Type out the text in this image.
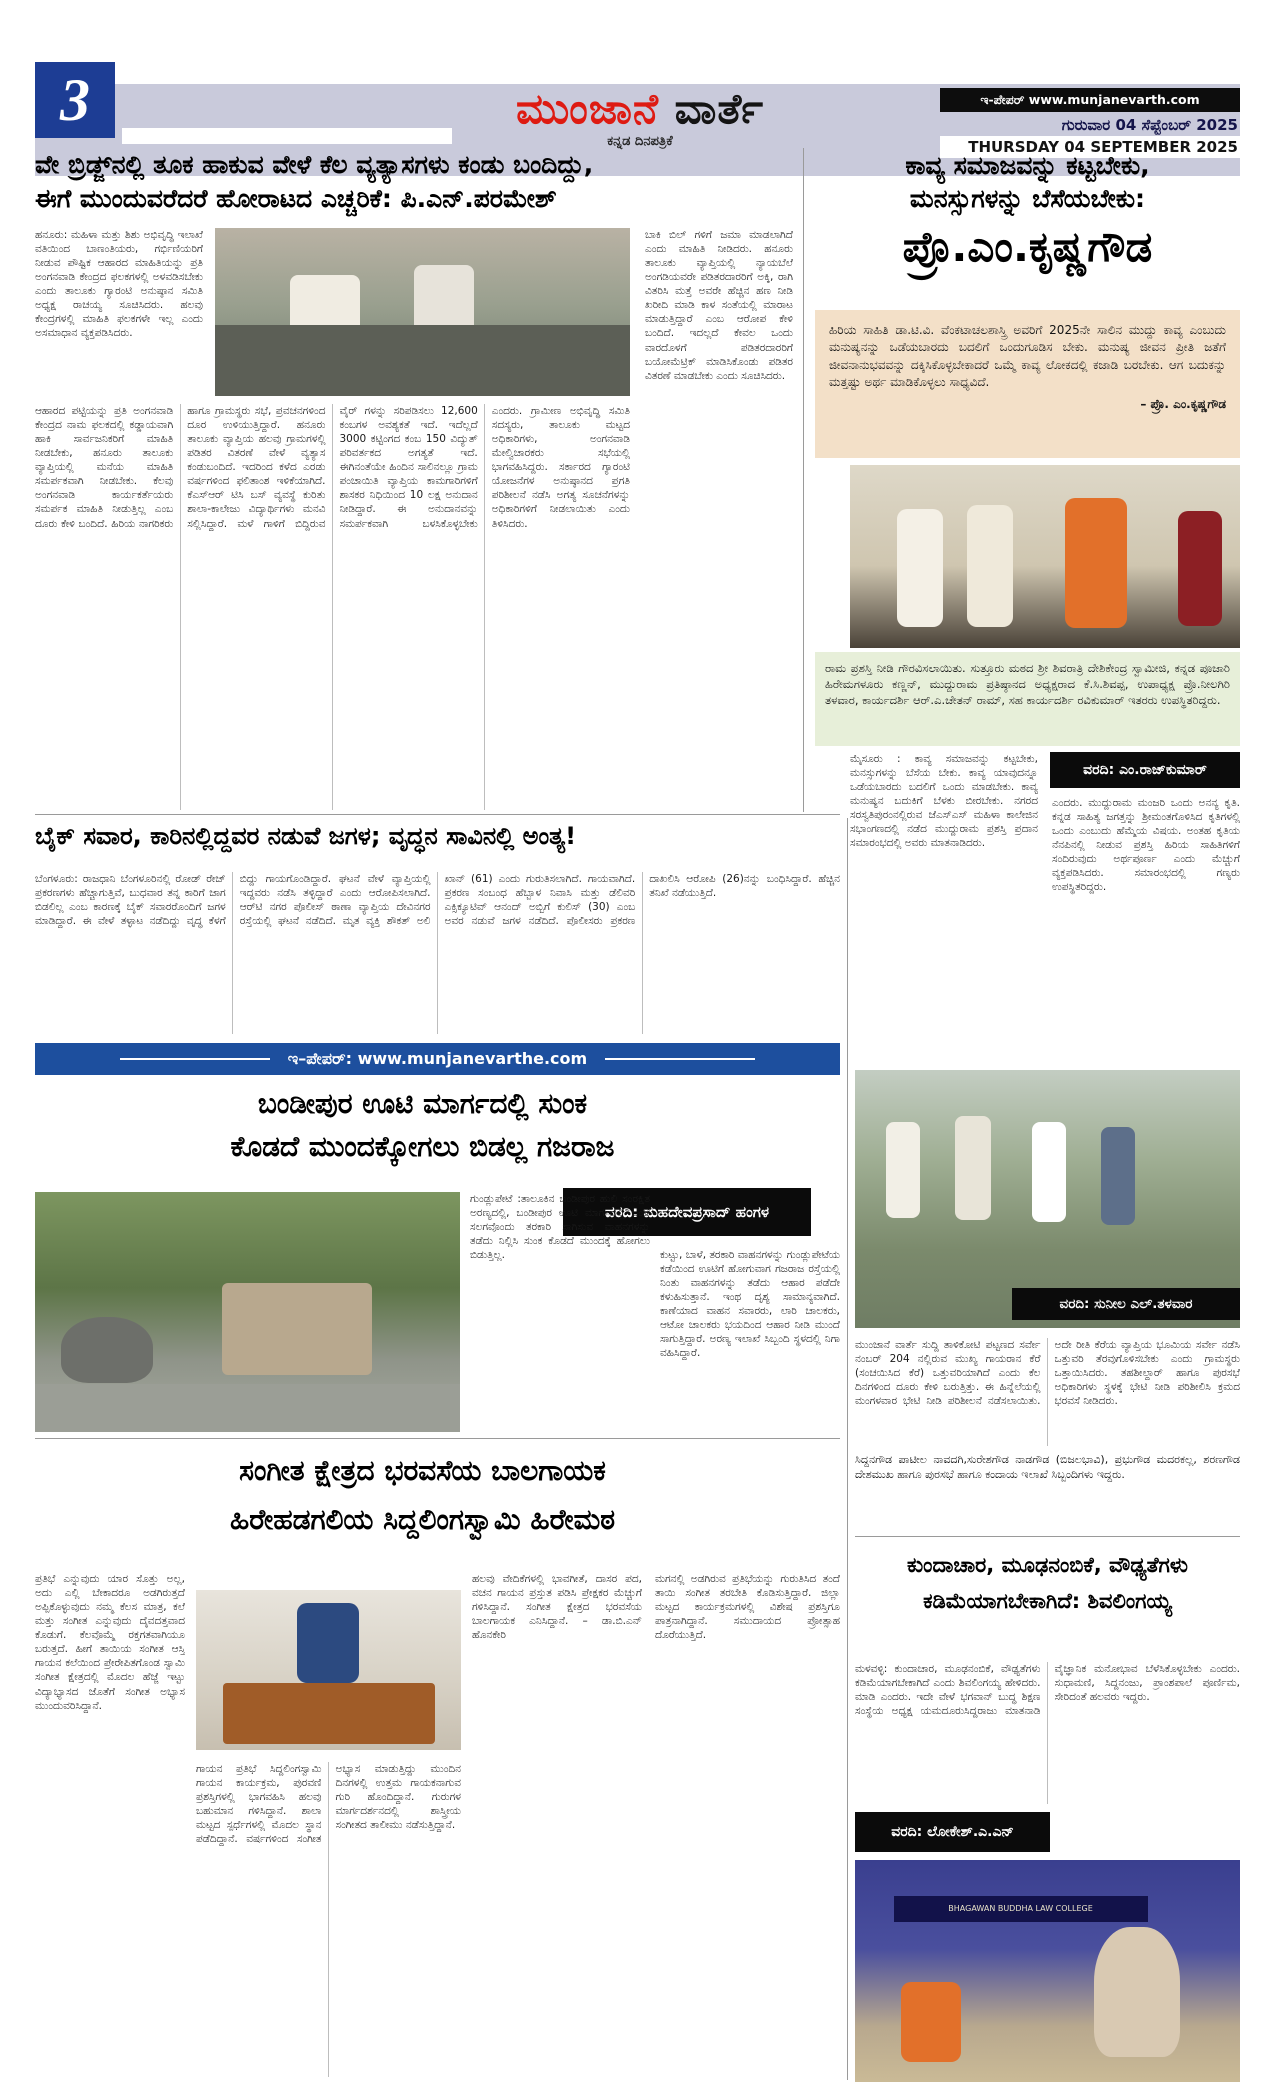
3	ಮುಂಜಾನೆ ವಾರ್ತೆ
ಕನ್ನಡ ದಿನಪತ್ರಿಕೆ
ಇ-ಪೇಪರ್ www.munjanevarth.com
ಗುರುವಾರ 04 ಸೆಪ್ಟೆಂಬರ್ 2025
THURSDAY 04 SEPTEMBER 2025
ವೇ ಬ್ರಿಡ್ಜ್‌ನಲ್ಲಿ ತೂಕ ಹಾಕುವ ವೇಳೆ ಕೆಲ ವ್ಯತ್ಯಾಸಗಳು ಕಂಡು ಬಂದಿದ್ದು,
ಈಗೆ ಮುಂದುವರೆದರೆ ಹೋರಾಟದ ಎಚ್ಚರಿಕೆ: ಪಿ.ಎನ್.ಪರಮೇಶ್
ಹನೂರು: ಮಹಿಳಾ ಮತ್ತು ಶಿಶು ಅಭಿವೃದ್ಧಿ ಇಲಾಖೆ ವತಿಯಿಂದ ಬಾಣಂತಿಯರು, ಗರ್ಭಿಣಿಯರಿಗೆ ನೀಡುವ ಪೌಷ್ಟಿಕ ಆಹಾರದ ಮಾಹಿತಿಯನ್ನು ಪ್ರತಿ ಅಂಗನವಾಡಿ ಕೇಂದ್ರದ ಫಲಕಗಳಲ್ಲಿ ಅಳವಡಿಸಬೇಕು ಎಂದು ತಾಲೂಕು ಗ್ಯಾರಂಟಿ ಅನುಷ್ಠಾನ ಸಮಿತಿ ಅಧ್ಯಕ್ಷ ರಾಚಯ್ಯ ಸೂಚಿಸಿದರು. ಹಲವು ಕೇಂದ್ರಗಳಲ್ಲಿ ಮಾಹಿತಿ ಫಲಕಗಳೇ ಇಲ್ಲ ಎಂದು ಅಸಮಾಧಾನ ವ್ಯಕ್ತಪಡಿಸಿದರು.
ಆಹಾರದ ಪಟ್ಟಿಯನ್ನು ಪ್ರತಿ ಅಂಗನವಾಡಿ ಕೇಂದ್ರದ ನಾಮ ಫಲಕದಲ್ಲಿ ಕಡ್ಡಾಯವಾಗಿ ಹಾಕಿ ಸಾರ್ವಜನಿಕರಿಗೆ ಮಾಹಿತಿ ನೀಡಬೇಕು, ಹನೂರು ತಾಲೂಕು ವ್ಯಾಪ್ತಿಯಲ್ಲಿ ಮನೆಯ ಮಾಹಿತಿ ಸಮರ್ಪಕವಾಗಿ ನೀಡಬೇಕು. ಕೆಲವು ಅಂಗನವಾಡಿ ಕಾರ್ಯಕರ್ತೆಯರು ಸಮರ್ಪಕ ಮಾಹಿತಿ ನೀಡುತ್ತಿಲ್ಲ ಎಂಬ ದೂರು ಕೇಳಿ ಬಂದಿದೆ. ಹಿರಿಯ ನಾಗರಿಕರು ಹಾಗೂ ಗ್ರಾಮಸ್ಥರು ಸಭೆ, ಪ್ರವಚನಗಳಿಂದ ದೂರ ಉಳಿಯುತ್ತಿದ್ದಾರೆ. ಹನೂರು ತಾಲೂಕು ವ್ಯಾಪ್ತಿಯ ಹಲವು ಗ್ರಾಮಗಳಲ್ಲಿ ಪಡಿತರ ವಿತರಣೆ ವೇಳೆ ವ್ಯತ್ಯಾಸ ಕಂಡುಬಂದಿದೆ. ಇದರಿಂದ ಕಳೆದ ಎರಡು ವರ್ಷಗಳಿಂದ ಫಲಿತಾಂಶ ಇಳಿಕೆಯಾಗಿದೆ. ಕೆಎಸ್‌ಆರ್ ಟಿಸಿ ಬಸ್ ವ್ಯವಸ್ಥೆ ಕುರಿತು ಶಾಲಾ-ಕಾಲೇಜು ವಿದ್ಯಾರ್ಥಿಗಳು ಮನವಿ ಸಲ್ಲಿಸಿದ್ದಾರೆ. ಮಳೆ ಗಾಳಿಗೆ ಬಿದ್ದಿರುವ ವೈರ್ ಗಳನ್ನು ಸರಿಪಡಿಸಲು 12,600 ಕಂಬಗಳ ಅವಶ್ಯಕತೆ ಇದೆ. ಇದೆಲ್ಲದೆ 3000 ಕಟ್ಟಿಂಗದ ಕಂಬ 150 ವಿದ್ಯುತ್ ಪರಿವರ್ತಕದ ಅಗತ್ಯತೆ ಇದೆ. ಈಗಿನಂತೆಯೇ ಹಿಂದಿನ ಸಾಲಿನಲ್ಲೂ ಗ್ರಾಮ ಪಂಚಾಯಿತಿ ವ್ಯಾಪ್ತಿಯ ಕಾಮಗಾರಿಗಳಿಗೆ ಶಾಸಕರ ನಿಧಿಯಿಂದ 10 ಲಕ್ಷ ಅನುದಾನ ನೀಡಿದ್ದಾರೆ. ಈ ಅನುದಾನವನ್ನು ಸಮರ್ಪಕವಾಗಿ ಬಳಸಿಕೊಳ್ಳಬೇಕು ಎಂದರು. ಗ್ರಾಮೀಣ ಅಭಿವೃದ್ಧಿ ಸಮಿತಿ ಸದಸ್ಯರು, ತಾಲೂಕು ಮಟ್ಟದ ಅಧಿಕಾರಿಗಳು, ಅಂಗನವಾಡಿ ಮೇಲ್ವಿಚಾರಕರು ಸಭೆಯಲ್ಲಿ ಭಾಗವಹಿಸಿದ್ದರು. ಸರ್ಕಾರದ ಗ್ಯಾರಂಟಿ ಯೋಜನೆಗಳ ಅನುಷ್ಠಾನದ ಪ್ರಗತಿ ಪರಿಶೀಲನೆ ನಡೆಸಿ ಅಗತ್ಯ ಸೂಚನೆಗಳನ್ನು ಅಧಿಕಾರಿಗಳಿಗೆ ನೀಡಲಾಯಿತು ಎಂದು ತಿಳಿಸಿದರು.
ಬಾಕಿ ಬಿಲ್ ಗಳಿಗೆ ಜಮಾ ಮಾಡಲಾಗಿದೆ ಎಂದು ಮಾಹಿತಿ ನೀಡಿದರು. ಹನೂರು ತಾಲೂಕು ವ್ಯಾಪ್ತಿಯಲ್ಲಿ ನ್ಯಾಯಬೆಲೆ ಅಂಗಡಿಯವರೇ ಪಡಿತರದಾರರಿಗೆ ಅಕ್ಕಿ, ರಾಗಿ ವಿತರಿಸಿ ಮತ್ತೆ ಅವರೇ ಹೆಚ್ಚಿನ ಹಣ ನೀಡಿ ಖರೀದಿ ಮಾಡಿ ಕಾಳ ಸಂತೆಯಲ್ಲಿ ಮಾರಾಟ ಮಾಡುತ್ತಿದ್ದಾರೆ ಎಂಬ ಆರೋಪ ಕೇಳಿ ಬಂದಿದೆ. ಇದಲ್ಲದೆ ಕೇವಲ ಒಂದು ವಾರದೊಳಗೆ ಪಡಿತರದಾರರಿಗೆ ಬಯೋಮೆಟ್ರಿಕ್ ಮಾಡಿಸಿಕೊಂಡು ಪಡಿತರ ವಿತರಣೆ ಮಾಡಬೇಕು ಎಂದು ಸೂಚಿಸಿದರು.
ಕಾವ್ಯ ಸಮಾಜವನ್ನು ಕಟ್ಟಬೇಕು,
ಮನಸ್ಸುಗಳನ್ನು ಬೆಸೆಯಬೇಕು:
ಪ್ರೊ.ಎಂ.ಕೃಷ್ಣಗೌಡ
ಹಿರಿಯ ಸಾಹಿತಿ ಡಾ.ಟಿ.ವಿ. ವೆಂಕಟಾಚಲಶಾಸ್ತ್ರಿ ಅವರಿಗೆ 2025ನೇ ಸಾಲಿನ ಮುದ್ದು ಕಾವ್ಯ ಎಂಬುದು ಮನುಷ್ಯನನ್ನು ಒಡೆಯಬಾರದು ಬದಲಿಗೆ ಒಂದುಗೂಡಿಸ ಬೇಕು. ಮನುಷ್ಯ ಜೀವನ ಪ್ರೀತಿ ಜತೆಗೆ ಜೀವನಾನುಭವವನ್ನು ದಕ್ಕಿಸಿಕೊಳ್ಳಬೇಕಾದರೆ ಒಮ್ಮೆ ಕಾವ್ಯ ಲೋಕದಲ್ಲಿ ಕಜಾಡಿ ಬರಬೇಕು. ಆಗ ಬದುಕನ್ನು ಮತ್ತಷ್ಟು ಅರ್ಥ ಮಾಡಿಕೊಳ್ಳಲು ಸಾಧ್ಯವಿದೆ.
– ಪ್ರೊ. ಎಂ.ಕೃಷ್ಣಗೌಡ
ರಾಮ ಪ್ರಶಸ್ತಿ ನೀಡಿ ಗೌರವಿಸಲಾಯಿತು. ಸುತ್ತೂರು ಮಠದ ಶ್ರೀ ಶಿವರಾತ್ರಿ ದೇಶಿಕೇಂದ್ರ ಸ್ವಾಮೀಜಿ, ಕನ್ನಡ ಪೂಜಾರಿ ಹಿರೇಮಗಳೂರು ಕಣ್ಣನ್, ಮುದ್ದುರಾಮ ಪ್ರತಿಷ್ಠಾನದ ಅಧ್ಯಕ್ಷರಾದ ಕೆ.ಸಿ.ಶಿವಪ್ಪ, ಉಪಾಧ್ಯಕ್ಷ ಪ್ರೊ.ನೀಲಗಿರಿ ತಳವಾರ, ಕಾರ್ಯದರ್ಶಿ ಆರ್.ಎ.ಚೇತನ್ ರಾಮ್, ಸಹ ಕಾರ್ಯದರ್ಶಿ ರವಿಕುಮಾರ್ ಇತರರು ಉಪಸ್ಥಿತರಿದ್ದರು.
ವರದಿ: ಎಂ.ರಾಜ್‌ಕುಮಾರ್
ಮೈಸೂರು : ಕಾವ್ಯ ಸಮಾಜವನ್ನು ಕಟ್ಟಬೇಕು, ಮನಸ್ಸುಗಳನ್ನು ಬೆಸೆಯ ಬೇಕು. ಕಾವ್ಯ ಯಾವುದನ್ನೂ ಒಡೆಯಬಾರದು ಬದಲಿಗೆ ಒಂದು ಮಾಡಬೇಕು. ಕಾವ್ಯ ಮನುಷ್ಯನ ಬದುಕಿಗೆ ಬೆಳಕು ಬೀರಬೇಕು. ನಗರದ ಸರಸ್ವತಿಪುರಂನಲ್ಲಿರುವ ಜೆಎಸ್‌ಎಸ್ ಮಹಿಳಾ ಕಾಲೇಜಿನ ಸಭಾಂಗಣದಲ್ಲಿ ನಡೆದ ಮುದ್ದುರಾಮ ಪ್ರಶಸ್ತಿ ಪ್ರದಾನ ಸಮಾರಂಭದಲ್ಲಿ ಅವರು ಮಾತನಾಡಿದರು.
ಎಂದರು. ಮುದ್ದುರಾಮ ಮಂಜರಿ ಒಂದು ಅನನ್ಯ ಕೃತಿ. ಕನ್ನಡ ಸಾಹಿತ್ಯ ಜಗತ್ತನ್ನು ಶ್ರೀಮಂತಗೊಳಿಸಿದ ಕೃತಿಗಳಲ್ಲಿ ಒಂದು ಎಂಬುದು ಹೆಮ್ಮೆಯ ವಿಷಯ. ಅಂತಹ ಕೃತಿಯ ನೆನಪಿನಲ್ಲಿ ನೀಡುವ ಪ್ರಶಸ್ತಿ ಹಿರಿಯ ಸಾಹಿತಿಗಳಿಗೆ ಸಂದಿರುವುದು ಅರ್ಥಪೂರ್ಣ ಎಂದು ಮೆಚ್ಚುಗೆ ವ್ಯಕ್ತಪಡಿಸಿದರು. ಸಮಾರಂಭದಲ್ಲಿ ಗಣ್ಯರು ಉಪಸ್ಥಿತರಿದ್ದರು.
ಬೈಕ್ ಸವಾರ, ಕಾರಿನಲ್ಲಿದ್ದವರ ನಡುವೆ ಜಗಳ; ವೃದ್ಧನ ಸಾವಿನಲ್ಲಿ ಅಂತ್ಯ!
ಬೆಂಗಳೂರು: ರಾಜಧಾನಿ ಬೆಂಗಳೂರಿನಲ್ಲಿ ರೋಡ್ ರೇಜ್ ಪ್ರಕರಣಗಳು ಹೆಚ್ಚಾಗುತ್ತಿವೆ, ಬುಧವಾರ ತನ್ನ ಕಾರಿಗೆ ಜಾಗ ಬಿಡಲಿಲ್ಲ ಎಂಬ ಕಾರಣಕ್ಕೆ ಬೈಕ್ ಸವಾರರೊಂದಿಗೆ ಜಗಳ ಮಾಡಿದ್ದಾರೆ. ಈ ವೇಳೆ ತಳ್ಳಾಟ ನಡೆದಿದ್ದು ವೃದ್ಧ ಕೆಳಗೆ ಬಿದ್ದು ಗಾಯಗೊಂಡಿದ್ದಾರೆ. ಘಟನೆ ವೇಳೆ ವ್ಯಾಪ್ತಿಯಲ್ಲಿ ಇದ್ದವರು ನಡೆಸಿ ತಳ್ಳಿದ್ದಾರೆ ಎಂದು ಆರೋಪಿಸಲಾಗಿದೆ. ಆರ್‌ಟಿ ನಗರ ಪೊಲೀಸ್ ಠಾಣಾ ವ್ಯಾಪ್ತಿಯ ದೇವಿನಗರ ರಸ್ತೆಯಲ್ಲಿ ಘಟನೆ ನಡೆದಿದೆ. ಮೃತ ವ್ಯಕ್ತಿ ಶೌಕತ್ ಅಲಿ ಖಾನ್ (61) ಎಂದು ಗುರುತಿಸಲಾಗಿದೆ. ಗಾಯವಾಗಿದೆ. ಪ್ರಕರಣ ಸಂಬಂಧ ಹೆಬ್ಬಾಳ ನಿವಾಸಿ ಮತ್ತು ಡೆಲಿವರಿ ಎಕ್ಸಿಕ್ಯೂಟಿವ್ ಆನಂದ್ ಅಬ್ಬಿಗೆ ಕುಲಿಸ್ (30) ಎಂಬ ಅವರ ನಡುವೆ ಜಗಳ ನಡೆದಿದೆ. ಪೊಲೀಸರು ಪ್ರಕರಣ ದಾಖಲಿಸಿ ಆರೋಪಿ (26)ನನ್ನು ಬಂಧಿಸಿದ್ದಾರೆ. ಹೆಚ್ಚಿನ ತನಿಖೆ ನಡೆಯುತ್ತಿದೆ.
ಇ–ಪೇಪರ್: www.munjanevarthe.com
ಬಂಡೀಪುರ ಊಟಿ ಮಾರ್ಗದಲ್ಲಿ ಸುಂಕ
ಕೊಡದೆ ಮುಂದಕ್ಕೋಗಲು ಬಿಡಲ್ಲ ಗಜರಾಜ
ವರದಿ: ಮಹದೇವಪ್ರಸಾದ್ ಹಂಗಳ
ಗುಂಡ್ಲುಪೇಟೆ :ತಾಲೂಕಿನ ಬಂಡೀಪುರ ಹುಲಿ ಸಂರಕ್ಷಿತ ಅರಣ್ಯದಲ್ಲಿ, ಬಂಡೀಪುರ ಊಟಿ ಮಾರ್ಗದಲ್ಲಿ ಒಂಟಿ ಸಲಗವೊಂದು ತರಕಾರಿ ಸಾಗಿಸುವ ವಾಹನಗಳನ್ನು ತಡೆದು ನಿಲ್ಲಿಸಿ ಸುಂಕ ಕೊಡದೆ ಮುಂದಕ್ಕೆ ಹೋಗಲು ಬಿಡುತ್ತಿಲ್ಲ.	ಕುಟ್ಟು, ಬಾಳೆ, ತರಕಾರಿ ವಾಹನಗಳನ್ನು ಗುಂಡ್ಲುಪೇಟೆಯ ಕಡೆಯಿಂದ ಊಟಿಗೆ ಹೋಗುವಾಗ ಗಜರಾಜ ರಸ್ತೆಯಲ್ಲಿ ನಿಂತು ವಾಹನಗಳನ್ನು ತಡೆದು ಆಹಾರ ಪಡೆದೇ ಕಳುಹಿಸುತ್ತಾನೆ. ಇಂಥ ದೃಶ್ಯ ಸಾಮಾನ್ಯವಾಗಿದೆ. ಕಾಣೆಯಾದ ವಾಹನ ಸವಾರರು, ಲಾರಿ ಚಾಲಕರು, ಆಟೋ ಚಾಲಕರು ಭಯದಿಂದ ಆಹಾರ ನೀಡಿ ಮುಂದೆ ಸಾಗುತ್ತಿದ್ದಾರೆ. ಅರಣ್ಯ ಇಲಾಖೆ ಸಿಬ್ಬಂದಿ ಸ್ಥಳದಲ್ಲಿ ನಿಗಾ ವಹಿಸಿದ್ದಾರೆ.
ವರದಿ: ಸುನೀಲ ಎಲ್.ತಳವಾರ
ಮುಂಜಾನೆ ವಾರ್ತೆ ಸುದ್ದಿ ತಾಳಿಕೋಟಿ ಪಟ್ಟಣದ ಸರ್ವೇ ನಂಬರ್ 204 ನಲ್ಲಿರುವ ಮುಖ್ಯ ಗಾಯರಾನ ಕೆರೆ (ಸಂಚಯಿಸಿದ ಕೆರೆ) ಒತ್ತುವರಿಯಾಗಿದೆ ಎಂದು ಕೆಲ ದಿನಗಳಿಂದ ದೂರು ಕೇಳಿ ಬರುತ್ತಿತ್ತು. ಈ ಹಿನ್ನೆಲೆಯಲ್ಲಿ ಮಂಗಳವಾರ ಭೇಟಿ ನೀಡಿ ಪರಿಶೀಲನೆ ನಡೆಸಲಾಯಿತು. ಅದೇ ರೀತಿ ಕೆರೆಯ ವ್ಯಾಪ್ತಿಯ ಭೂಮಿಯ ಸರ್ವೇ ನಡೆಸಿ ಒತ್ತುವರಿ ತೆರವುಗೊಳಿಸಬೇಕು ಎಂದು ಗ್ರಾಮಸ್ಥರು ಒತ್ತಾಯಿಸಿದರು. ತಹಶೀಲ್ದಾರ್ ಹಾಗೂ ಪುರಸಭೆ ಅಧಿಕಾರಿಗಳು ಸ್ಥಳಕ್ಕೆ ಭೇಟಿ ನೀಡಿ ಪರಿಶೀಲಿಸಿ ಕ್ರಮದ ಭರವಸೆ ನೀಡಿದರು.
ಸಿದ್ದನಗೌಡ ಪಾಟೀಲ ನಾವದಗಿ,ಸುರೇಶಗೌಡ ನಾಡಗೌಡ (ಬಿಜಲಭಾವಿ), ಪ್ರಭುಗೌಡ ಮದರಕಲ್ಲ, ಶರಣಗೌಡ ದೇಶಮುಖ ಹಾಗೂ ಪುರಸಭೆ ಹಾಗೂ ಕಂದಾಯ ಇಲಾಖೆ ಸಿಬ್ಬಂದಿಗಳು ಇದ್ದರು.
ಸಂಗೀತ ಕ್ಷೇತ್ರದ ಭರವಸೆಯ ಬಾಲಗಾಯಕ
ಹಿರೇಹಡಗಲಿಯ ಸಿದ್ದಲಿಂಗಸ್ವಾಮಿ ಹಿರೇಮಠ
ಪ್ರತಿಭೆ ಎನ್ನುವುದು ಯಾರ ಸೊತ್ತು ಅಲ್ಲ, ಅದು ಎಲ್ಲಿ ಬೇಕಾದರೂ ಅಡಗಿರುತ್ತದೆ ಅಪ್ಪಿಕೊಳ್ಳುವುದು ನಮ್ಮ ಕೆಲಸ ಮಾತ್ರ, ಕಲೆ ಮತ್ತು ಸಂಗೀತ ಎನ್ನುವುದು ದೈವದತ್ತವಾದ ಕೊಡುಗೆ. ಕೆಲವೊಮ್ಮೆ ರಕ್ತಗತವಾಗಿಯೂ ಬರುತ್ತದೆ. ಹೀಗೆ ತಾಯಿಯ ಸಂಗೀತ ಆಸ್ತಿ ಗಾಯನ ಕಲೆಯಿಂದ ಪ್ರೇರೇಪಿತಗೊಂಡ ಸ್ವಾಮಿ ಸಂಗೀತ ಕ್ಷೇತ್ರದಲ್ಲಿ ಮೊದಲ ಹೆಜ್ಜೆ ಇಟ್ಟು ವಿದ್ಯಾಭ್ಯಾಸದ ಜೊತೆಗೆ ಸಂಗೀತ ಅಭ್ಯಾಸ ಮುಂದುವರಿಸಿದ್ದಾನೆ.
ಗಾಯನ ಪ್ರತಿಭೆ ಸಿದ್ದಲಿಂಗಸ್ವಾಮಿ ಗಾಯನ ಕಾರ್ಯಕ್ರಮ, ಪುರವಣಿ ಪ್ರಶಸ್ತಿಗಳಲ್ಲಿ ಭಾಗವಹಿಸಿ ಹಲವು ಬಹುಮಾನ ಗಳಿಸಿದ್ದಾನೆ. ಶಾಲಾ ಮಟ್ಟದ ಸ್ಪರ್ಧೆಗಳಲ್ಲಿ ಮೊದಲ ಸ್ಥಾನ ಪಡೆದಿದ್ದಾನೆ. ವರ್ಷಗಳಿಂದ ಸಂಗೀತ ಅಭ್ಯಾಸ ಮಾಡುತ್ತಿದ್ದು ಮುಂದಿನ ದಿನಗಳಲ್ಲಿ ಉತ್ತಮ ಗಾಯಕನಾಗುವ ಗುರಿ ಹೊಂದಿದ್ದಾನೆ. ಗುರುಗಳ ಮಾರ್ಗದರ್ಶನದಲ್ಲಿ ಶಾಸ್ತ್ರೀಯ ಸಂಗೀತದ ತಾಲೀಮು ನಡೆಸುತ್ತಿದ್ದಾನೆ.
ಹಲವು ವೇದಿಕೆಗಳಲ್ಲಿ ಭಾವಗೀತೆ, ದಾಸರ ಪದ, ವಚನ ಗಾಯನ ಪ್ರಸ್ತುತ ಪಡಿಸಿ ಪ್ರೇಕ್ಷಕರ ಮೆಚ್ಚುಗೆ ಗಳಿಸಿದ್ದಾನೆ. ಸಂಗೀತ ಕ್ಷೇತ್ರದ ಭರವಸೆಯ ಬಾಲಗಾಯಕ ಎನಿಸಿದ್ದಾನೆ. – ಡಾ.ಬಿ.ಎನ್ ಹೊನಕೇರಿ
ಮಗನಲ್ಲಿ ಅಡಗಿರುವ ಪ್ರತಿಭೆಯನ್ನು ಗುರುತಿಸಿದ ತಂದೆ ತಾಯಿ ಸಂಗೀತ ತರಬೇತಿ ಕೊಡಿಸುತ್ತಿದ್ದಾರೆ. ಜಿಲ್ಲಾ ಮಟ್ಟದ ಕಾರ್ಯಕ್ರಮಗಳಲ್ಲಿ ವಿಶೇಷ ಪ್ರಶಸ್ತಿಗೂ ಪಾತ್ರನಾಗಿದ್ದಾನೆ. ಸಮುದಾಯದ ಪ್ರೋತ್ಸಾಹ ದೊರೆಯುತ್ತಿದೆ.
ಕುಂದಾಚಾರ, ಮೂಢನಂಬಿಕೆ, ವೌಢ್ಯತೆಗಳು
ಕಡಿಮೆಯಾಗಬೇಕಾಗಿದೆ: ಶಿವಲಿಂಗಯ್ಯ
ಮಳವಳ್ಳಿ: ಕುಂದಾಚಾರ, ಮೂಢನಂಬಿಕೆ, ವೌಢ್ಯತೆಗಳು ಕಡಿಮೆಯಾಗಬೇಕಾಗಿದೆ ಎಂದು ಶಿವಲಿಂಗಯ್ಯ ಹೇಳಿದರು. ಮಾಡಿ ಎಂದರು. ಇದೇ ವೇಳೆ ಭಗವಾನ್ ಬುದ್ಧ ಶಿಕ್ಷಣ ಸಂಸ್ಥೆಯ ಅಧ್ಯಕ್ಷ ಯಮದೂರುಸಿದ್ದರಾಜು ಮಾತನಾಡಿ ವೈಜ್ಞಾನಿಕ ಮನೋಭಾವ ಬೆಳೆಸಿಕೊಳ್ಳಬೇಕು ಎಂದರು. ಸುಧಾಮಣಿ, ಸಿದ್ದನಂಜು, ಪ್ರಾಂಶಪಾಲೆ ಪೂರ್ಣಿಮ, ಸೇರಿದಂತೆ ಹಲವರು ಇದ್ದರು.
ವರದಿ: ಲೋಕೇಶ್.ಎ.ಎನ್
BHAGAWAN BUDDHA LAW COLLEGE
